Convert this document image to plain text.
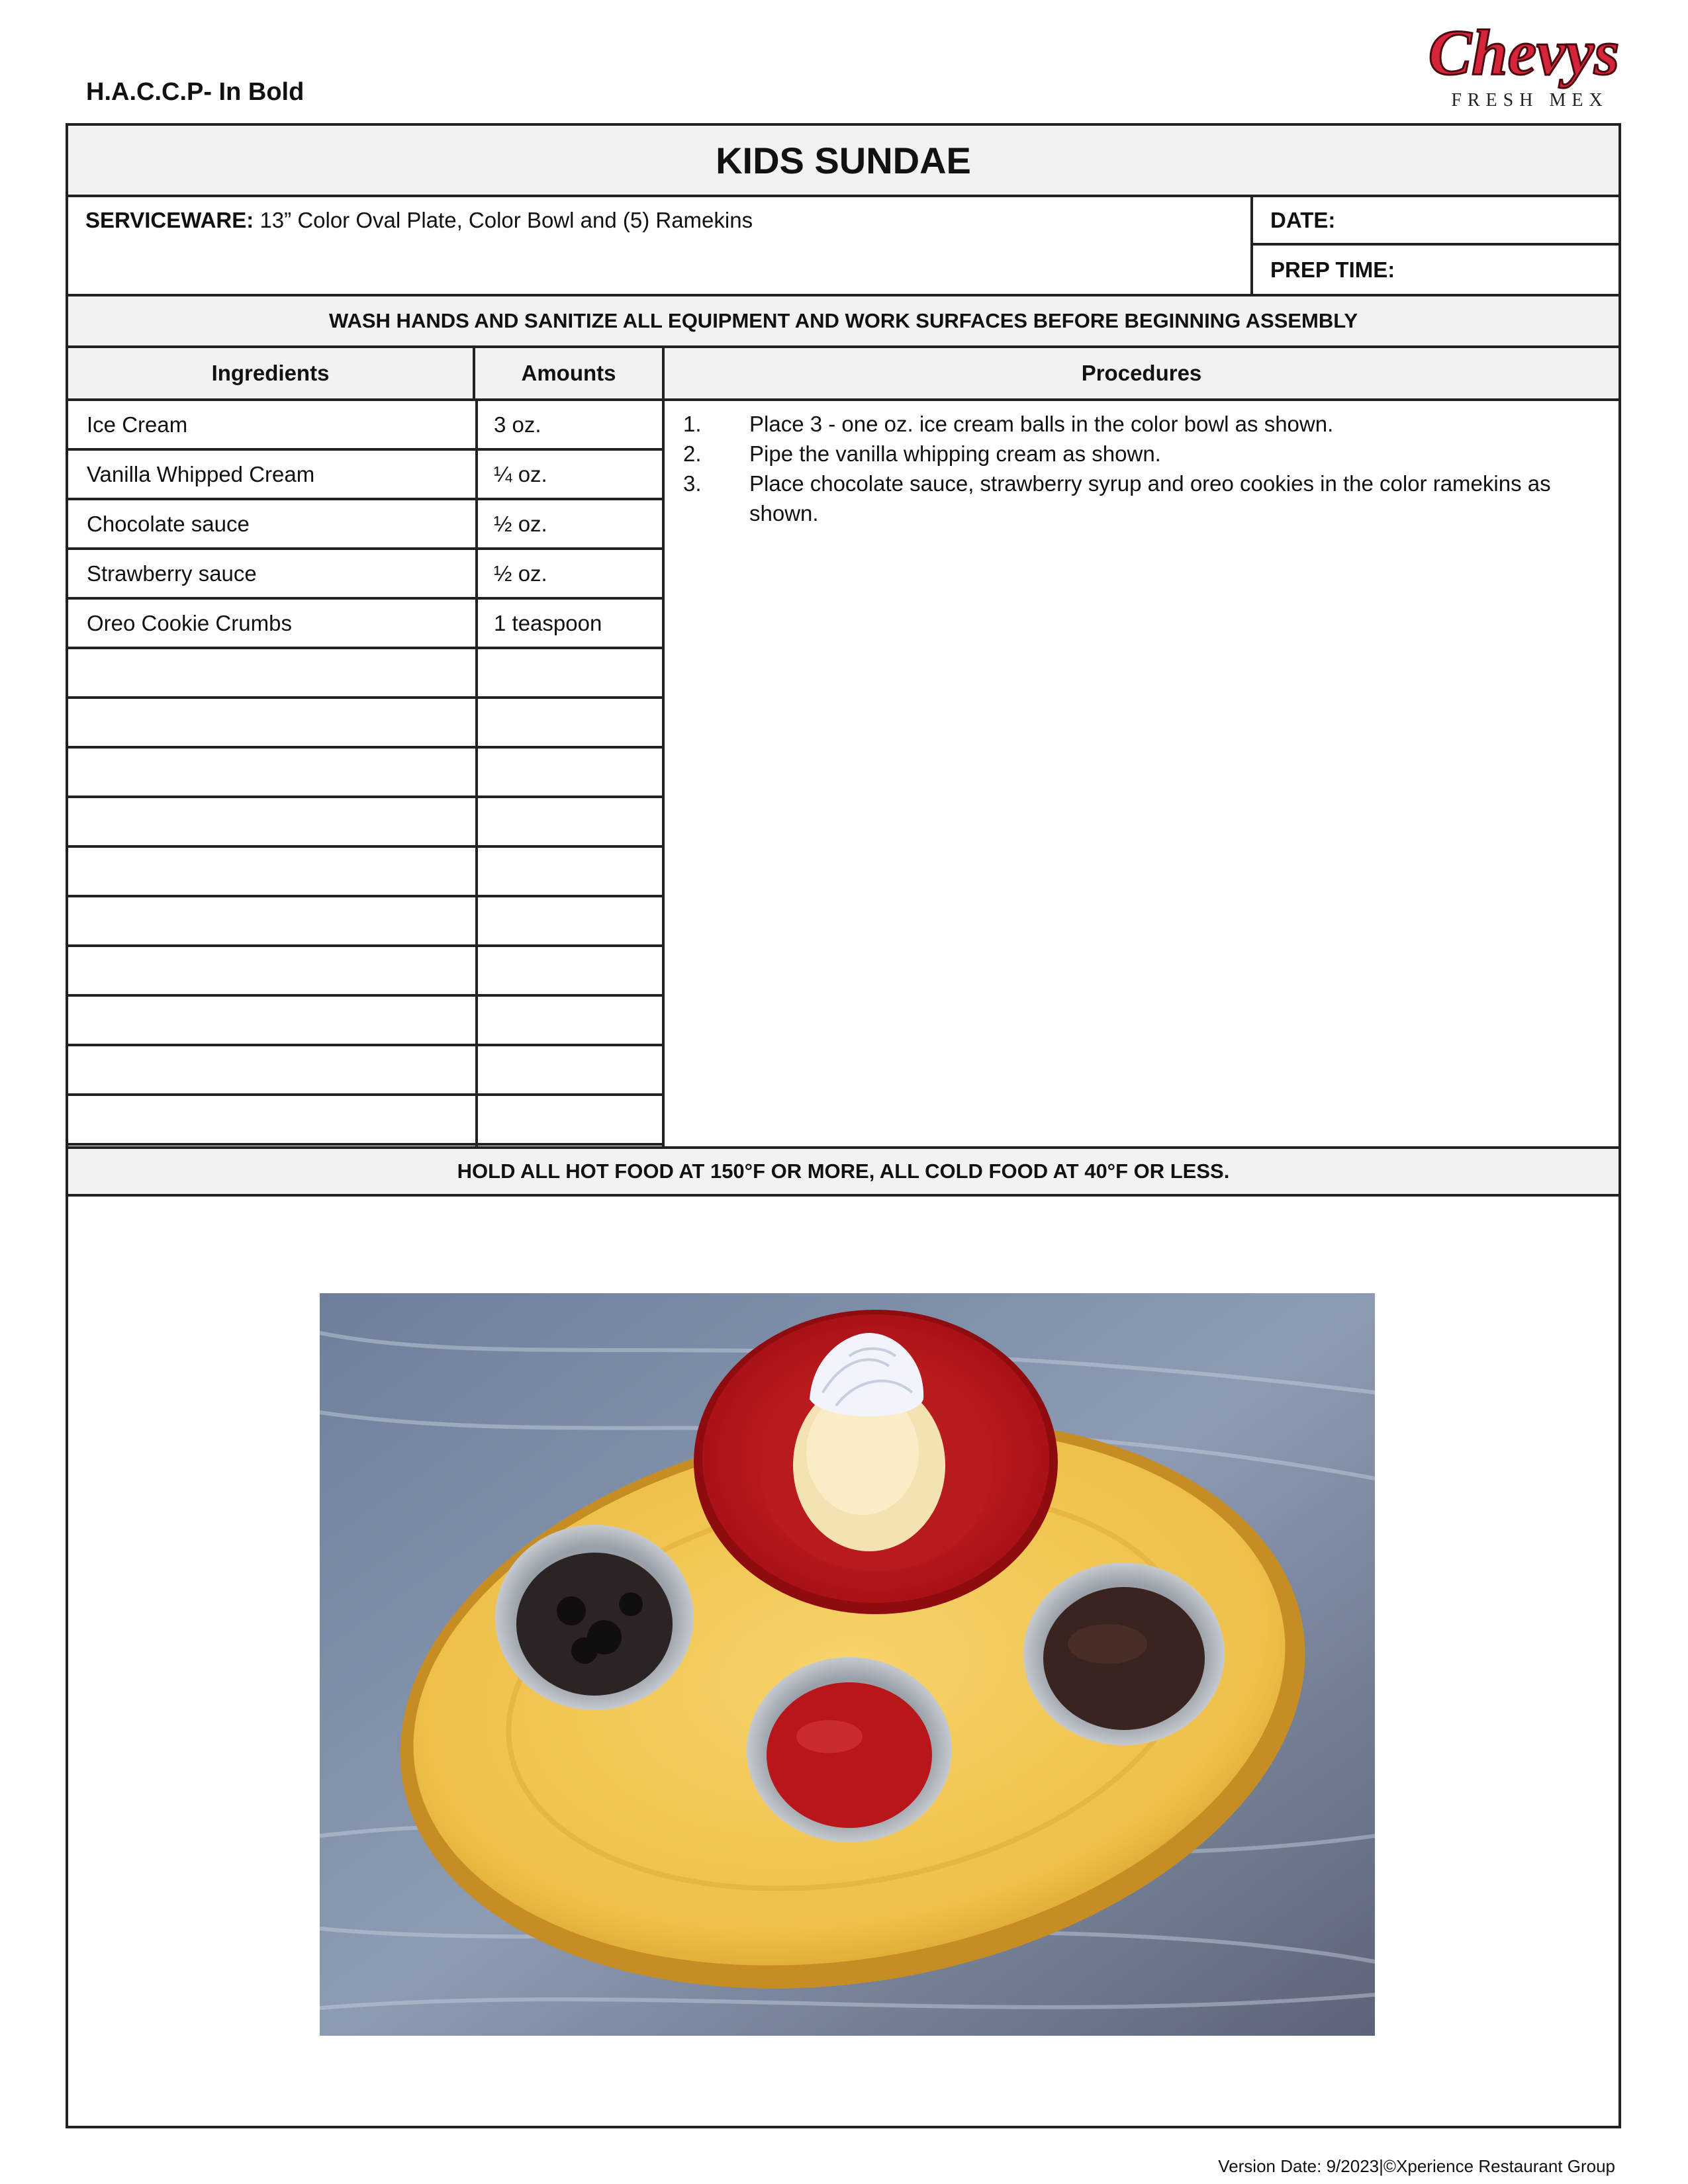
H.A.C.C.P- In Bold
Chevys
FRESH MEX
KIDS SUNDAE
SERVICEWARE: 13” Color Oval Plate, Color Bowl and (5) Ramekins	DATE:
PREP TIME:
WASH HANDS AND SANITIZE ALL EQUIPMENT AND WORK SURFACES BEFORE BEGINNING ASSEMBLY
Ingredients	Amounts	Procedures
Ice Cream	3 oz.
Vanilla Whipped Cream	¼ oz.
Chocolate sauce	½ oz.
Strawberry sauce	½ oz.
Oreo Cookie Crumbs	1 teaspoon
1.	Place 3 - one oz. ice cream balls in the color bowl as shown.
2.	Pipe the vanilla whipping cream as shown.
3.	Place chocolate sauce, strawberry syrup and oreo cookies in the color ramekins as shown.
HOLD ALL HOT FOOD AT 150°F OR MORE, ALL COLD FOOD AT 40°F OR LESS.
Version Date: 9/2023|©Xperience Restaurant Group
